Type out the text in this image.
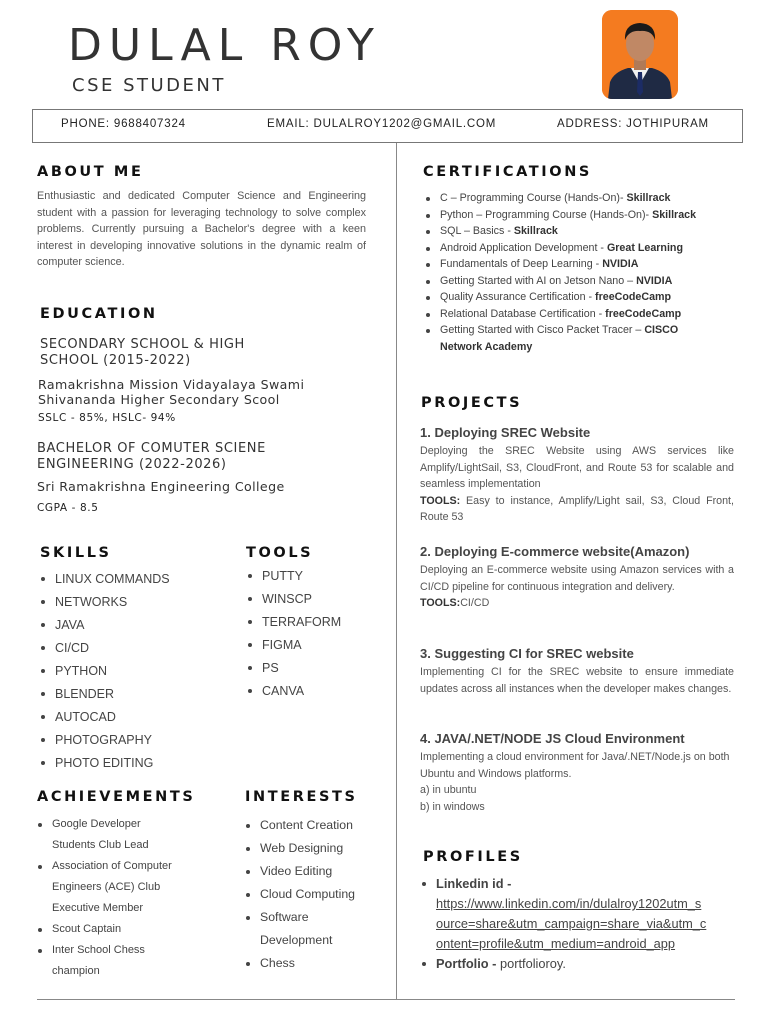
DULAL ROY
CSE STUDENT
PHONE: 9688407324	EMAIL: DULALROY1202@GMAIL.COM	ADDRESS: JOTHIPURAM
ABOUT ME
Enthusiastic and dedicated Computer Science and Engineering student with a passion for leveraging technology to solve complex problems. Currently pursuing a Bachelor's degree with a keen interest in developing innovative solutions in the dynamic realm of computer science.
EDUCATION
SECONDARY SCHOOL & HIGH
SCHOOL (2015-2022)
Ramakrishna Mission Vidayalaya Swami
Shivananda Higher Secondary Scool
SSLC - 85%, HSLC- 94%
BACHELOR OF COMUTER SCIENE
ENGINEERING (2022-2026)
Sri Ramakrishna Engineering College
CGPA - 8.5
SKILLS
LINUX COMMANDS
NETWORKS
JAVA
CI/CD
PYTHON
BLENDER
AUTOCAD
PHOTOGRAPHY
PHOTO EDITING
TOOLS
PUTTY
WINSCP
TERRAFORM
FIGMA
PS
CANVA
ACHIEVEMENTS
Google Developer
Students Club Lead
Association of Computer
Engineers (ACE) Club
Executive Member
Scout Captain
Inter School Chess
champion
INTERESTS
Content Creation
Web Designing
Video Editing
Cloud Computing
Software
Development
Chess
CERTIFICATIONS
C – Programming Course (Hands-On)- Skillrack
Python – Programming Course (Hands-On)- Skillrack
SQL – Basics - Skillrack
Android Application Development - Great Learning
Fundamentals of Deep Learning - NVIDIA
Getting Started with AI on Jetson Nano – NVIDIA
Quality Assurance Certification - freeCodeCamp
Relational Database Certification - freeCodeCamp
Getting Started with Cisco Packet Tracer – CISCO
Network Academy
PROJECTS
1. Deploying SREC Website
Deploying the SREC Website using AWS services like Amplify/LightSail, S3, CloudFront, and Route 53 for scalable and seamless implementation
TOOLS: Easy to instance, Amplify/Light sail, S3, Cloud Front, Route 53
2. Deploying E-commerce website(Amazon)
Deploying an E-commerce website using Amazon services with a CI/CD pipeline for continuous integration and delivery.
TOOLS:CI/CD
3. Suggesting CI for SREC website
Implementing CI for the SREC website to ensure immediate updates across all instances when the developer makes changes.
4. JAVA/.NET/NODE JS Cloud Environment
Implementing a cloud environment for Java/.NET/Node.js on both Ubuntu and Windows platforms.
a) in ubuntu
b) in windows
PROFILES
Linkedin id -
https://www.linkedin.com/in/dulalroy1202utm_s
ource=share&utm_campaign=share_via&utm_c
ontent=profile&utm_medium=android_app
Portfolio - portfolioroy.
